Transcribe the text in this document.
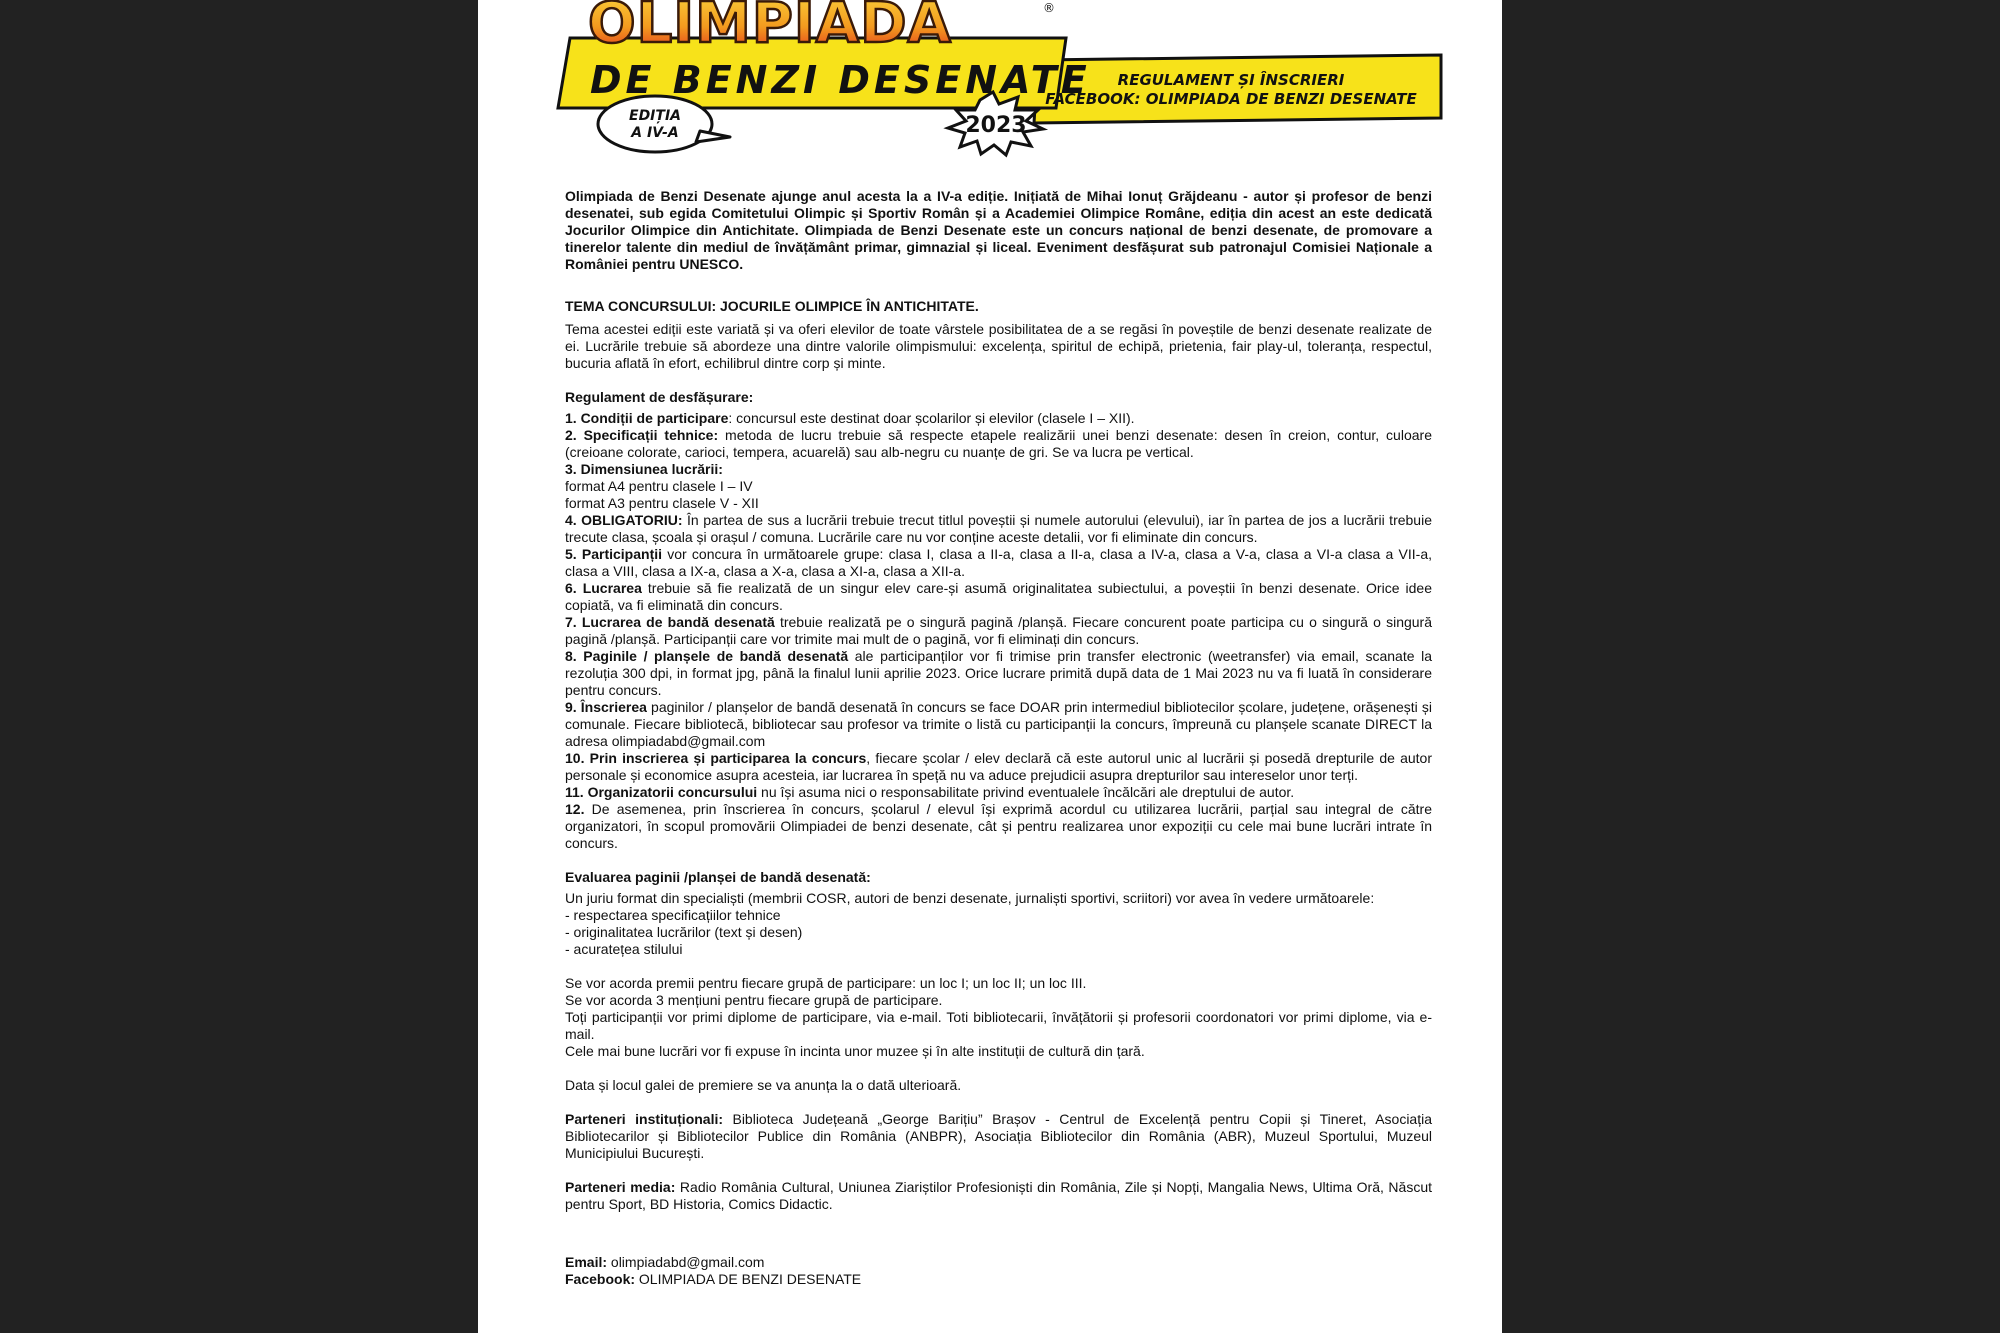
OLIMPIADA	®
DE BENZI DESENATE
EDIȚIA
A IV-A	2023
REGULAMENT ȘI ÎNSCRIERI
FACEBOOK: OLIMPIADA DE BENZI DESENATE

Olimpiada de Benzi Desenate ajunge anul acesta la a IV-a ediție. Inițiată de Mihai Ionuț Grăjdeanu - autor și profesor de benzi desenatei, sub egida Comitetului Olimpic și Sportiv Român și a Academiei Olimpice Române, ediția din acest an este dedicată Jocurilor Olimpice din Antichitate. Olimpiada de Benzi Desenate este un concurs național de benzi desenate, de promovare a tinerelor talente din mediul de învățământ primar, gimnazial și liceal. Eveniment desfășurat sub patronajul Comisiei Naționale a României pentru UNESCO.

TEMA CONCURSULUI: JOCURILE OLIMPICE ÎN ANTICHITATE.

Tema acestei ediții este variată și va oferi elevilor de toate vârstele posibilitatea de a se regăsi în poveștile de benzi desenate realizate de ei. Lucrările trebuie să abordeze una dintre valorile olimpismului: excelența, spiritul de echipă, prietenia, fair play-ul, toleranța, respectul, bucuria aflată în efort, echilibrul dintre corp și minte.

Regulament de desfășurare:

1. Condiții de participare: concursul este destinat doar școlarilor și elevilor (clasele I – XII).

2. Specificații tehnice: metoda de lucru trebuie să respecte etapele realizării unei benzi desenate: desen în creion, contur, culoare (creioane colorate, carioci, tempera, acuarelă) sau alb-negru cu nuanțe de gri. Se va lucra pe vertical.

3. Dimensiunea lucrării:

format A4 pentru clasele I – IV

format A3 pentru clasele V - XII

4. OBLIGATORIU: În partea de sus a lucrării trebuie trecut titlul poveștii și numele autorului (elevului), iar în partea de jos a lucrării trebuie trecute clasa, școala și orașul / comuna. Lucrările care nu vor conține aceste detalii, vor fi eliminate din concurs.

5. Participanții vor concura în următoarele grupe: clasa I, clasa a II-a, clasa a II-a, clasa a IV-a, clasa a V-a, clasa a VI-a clasa a VII-a, clasa a VIII, clasa a IX-a, clasa a X-a, clasa a XI-a, clasa a XII-a.

6. Lucrarea trebuie să fie realizată de un singur elev care-și asumă originalitatea subiectului, a poveștii în benzi desenate. Orice idee copiată, va fi eliminată din concurs.

7. Lucrarea de bandă desenată trebuie realizată pe o singură pagină /planșă. Fiecare concurent poate participa cu o singură o singură pagină /planșă. Participanții care vor trimite mai mult de o pagină, vor fi eliminați din concurs.

8. Paginile / planșele de bandă desenată ale participanților vor fi trimise prin transfer electronic (weetransfer) via email, scanate la rezoluția 300 dpi, in format jpg, până la finalul lunii aprilie 2023. Orice lucrare primită după data de 1 Mai 2023 nu va fi luată în considerare pentru concurs.

9. Înscrierea paginilor / planșelor de bandă desenată în concurs se face DOAR prin intermediul bibliotecilor școlare, județene, orășenești și comunale. Fiecare bibliotecă, bibliotecar sau profesor va trimite o listă cu participanții la concurs, împreună cu planșele scanate DIRECT la adresa olimpiadabd@gmail.com

10. Prin inscrierea și participarea la concurs, fiecare școlar / elev declară că este autorul unic al lucrării și posedă drepturile de autor personale și economice asupra acesteia, iar lucrarea în speță nu va aduce prejudicii asupra drepturilor sau intereselor unor terți.

11. Organizatorii concursului nu își asuma nici o responsabilitate privind eventualele încălcări ale dreptului de autor.

12. De asemenea, prin înscrierea în concurs, școlarul / elevul își exprimă acordul cu utilizarea lucrării, parțial sau integral de către organizatori, în scopul promovării Olimpiadei de benzi desenate, cât și pentru realizarea unor expoziții cu cele mai bune lucrări intrate în concurs.

Evaluarea paginii /planșei de bandă desenată:

Un juriu format din specialiști (membrii COSR, autori de benzi desenate, jurnaliști sportivi, scriitori) vor avea în vedere următoarele:

- respectarea specificațiilor tehnice

- originalitatea lucrărilor (text și desen)

- acuratețea stilului

Se vor acorda premii pentru fiecare grupă de participare: un loc I; un loc II; un loc III.

Se vor acorda 3 mențiuni pentru fiecare grupă de participare.

Toți participanții vor primi diplome de participare, via e-mail. Toti bibliotecarii, învățătorii și profesorii coordonatori vor primi diplome, via e-mail.

Cele mai bune lucrări vor fi expuse în incinta unor muzee și în alte instituții de cultură din țară.

Data și locul galei de premiere se va anunța la o dată ulterioară.

Parteneri instituționali: Biblioteca Județeană „George Barițiu” Brașov - Centrul de Excelență pentru Copii și Tineret, Asociația Bibliotecarilor și Bibliotecilor Publice din România (ANBPR), Asociația Bibliotecilor din România (ABR), Muzeul Sportului, Muzeul Municipiului București.

Parteneri media: Radio România Cultural, Uniunea Ziariștilor Profesioniști din România, Zile și Nopți, Mangalia News, Ultima Oră, Născut pentru Sport, BD Historia, Comics Didactic.

Email: olimpiadabd@gmail.com

Facebook: OLIMPIADA DE BENZI DESENATE
